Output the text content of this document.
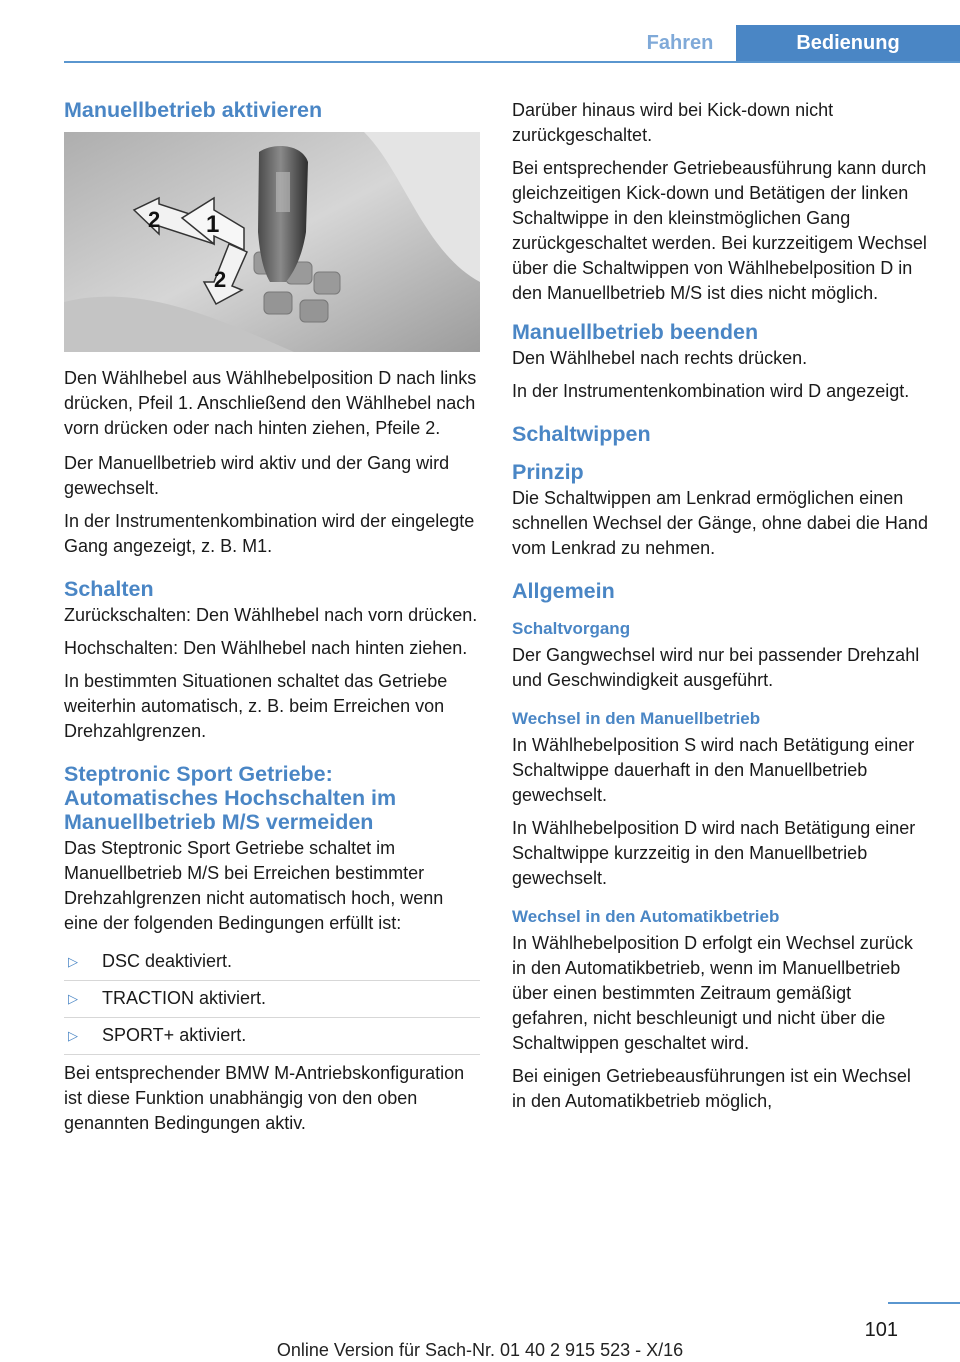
Fahren	Bedienung
Manuellbetrieb aktivieren
1
2
2

Den Wählhebel aus Wählhebelposition D nach links drücken, Pfeil 1. Anschließend den Wählhebel nach vorn drücken oder nach hinten ziehen, Pfeile 2.

Der Manuellbetrieb wird aktiv und der Gang wird gewechselt.

In der Instrumentenkombination wird der eingelegte Gang angezeigt, z. B. M1.

Schalten

Zurückschalten: Den Wählhebel nach vorn drücken.

Hochschalten: Den Wählhebel nach hinten ziehen.

In bestimmten Situationen schaltet das Getriebe weiterhin automatisch, z. B. beim Erreichen von Drehzahlgrenzen.

Steptronic Sport Getriebe: Automatisches Hochschalten im Manuellbetrieb M/S vermeiden

Das Steptronic Sport Getriebe schaltet im Manuellbetrieb M/S bei Erreichen bestimmter Drehzahlgrenzen nicht automatisch hoch, wenn eine der folgenden Bedingungen erfüllt ist:

▷	DSC deaktiviert.
▷	TRACTION aktiviert.
▷	SPORT+ aktiviert.

Bei entsprechender BMW M-Antriebskonfiguration ist diese Funktion unabhängig von den oben genannten Bedingungen aktiv.

Darüber hinaus wird bei Kick-down nicht zurückgeschaltet.

Bei entsprechender Getriebeausführung kann durch gleichzeitigen Kick-down und Betätigen der linken Schaltwippe in den kleinstmöglichen Gang zurückgeschaltet werden. Bei kurzzeitigem Wechsel über die Schaltwippen von Wählhebelposition D in den Manuellbetrieb M/S ist dies nicht möglich.

Manuellbetrieb beenden

Den Wählhebel nach rechts drücken.

In der Instrumentenkombination wird D angezeigt.

Schaltwippen
Prinzip

Die Schaltwippen am Lenkrad ermöglichen einen schnellen Wechsel der Gänge, ohne dabei die Hand vom Lenkrad zu nehmen.

Allgemein
Schaltvorgang

Der Gangwechsel wird nur bei passender Drehzahl und Geschwindigkeit ausgeführt.

Wechsel in den Manuellbetrieb

In Wählhebelposition S wird nach Betätigung einer Schaltwippe dauerhaft in den Manuellbetrieb gewechselt.

In Wählhebelposition D wird nach Betätigung einer Schaltwippe kurzzeitig in den Manuellbetrieb gewechselt.

Wechsel in den Automatikbetrieb

In Wählhebelposition D erfolgt ein Wechsel zurück in den Automatikbetrieb, wenn im Manuellbetrieb über einen bestimmten Zeitraum gemäßigt gefahren, nicht beschleunigt und nicht über die Schaltwippen geschaltet wird.

Bei einigen Getriebeausführungen ist ein Wechsel in den Automatikbetrieb möglich,

101
Online Version für Sach-Nr. 01 40 2 915 523 - X/16
